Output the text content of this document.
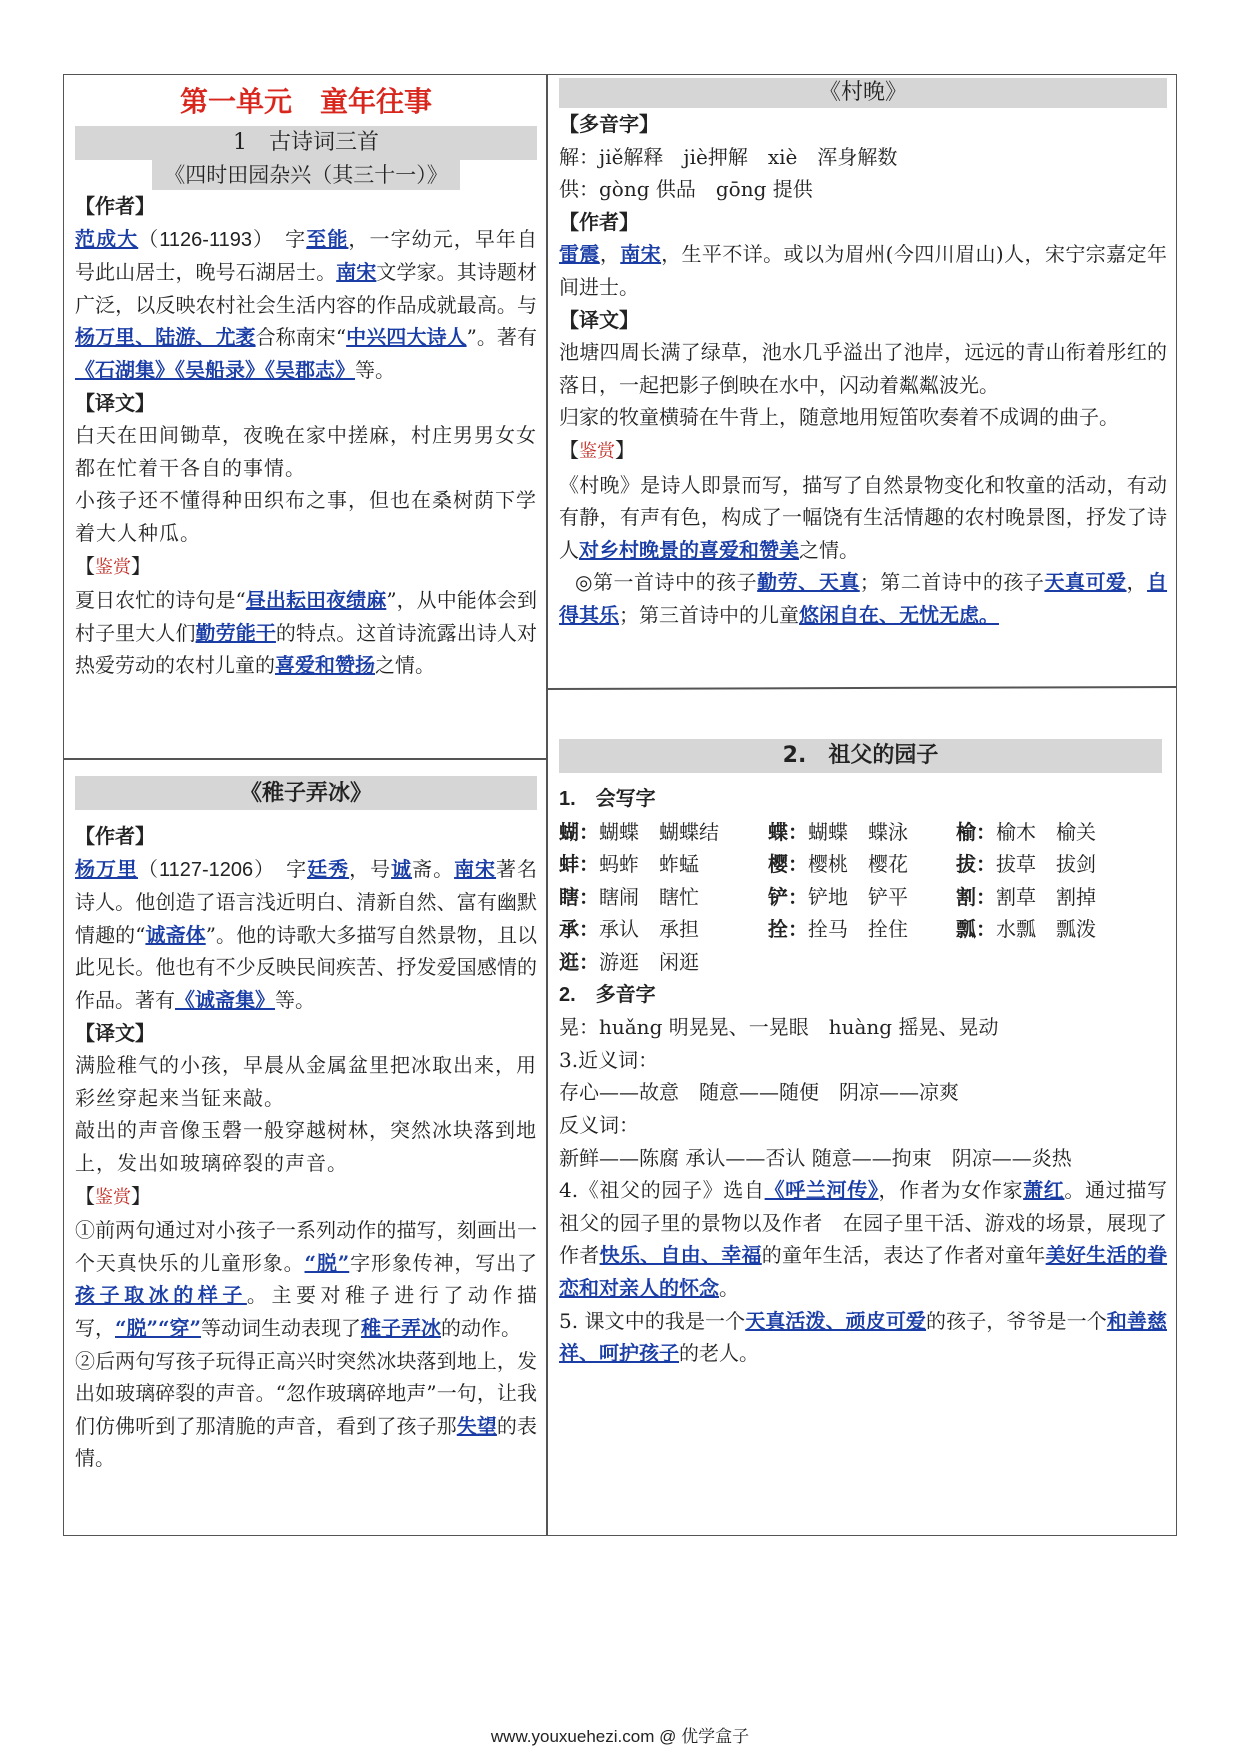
第一单元　童年往事
1　古诗词三首
《四时田园杂兴（其三十一）》

【作者】

范成大（1126-1193）　字至能，一字幼元，早年自号此山居士，晚号石湖居士。南宋文学家。其诗题材广泛，以反映农村社会生活内容的作品成就最高。与杨万里、陆游、尤袤合称南宋“中兴四大诗人”。著有《石湖集》《吴船录》《吴郡志》等。

【译文】

白天在田间锄草，夜晚在家中搓麻，村庄男男女女都在忙着干各自的事情。

小孩子还不懂得种田织布之事，但也在桑树荫下学着大人种瓜。

【鉴赏】

夏日农忙的诗句是“昼出耘田夜绩麻”，从中能体会到村子里大人们勤劳能干的特点。这首诗流露出诗人对热爱劳动的农村儿童的喜爱和赞扬之情。

《稚子弄冰》

【作者】

杨万里（1127-1206）　字廷秀，号诚斋。南宋著名诗人。他创造了语言浅近明白、清新自然、富有幽默情趣的“诚斋体”。他的诗歌大多描写自然景物，且以此见长。他也有不少反映民间疾苦、抒发爱国感情的作品。著有《诚斋集》等。

【译文】

满脸稚气的小孩，早晨从金属盆里把冰取出来，用彩丝穿起来当钲来敲。

敲出的声音像玉磬一般穿越树林，突然冰块落到地上，发出如玻璃碎裂的声音。

【鉴赏】

①前两句通过对小孩子一系列动作的描写，刻画出一个天真快乐的儿童形象。“脱”字形象传神，写出了孩子取冰的样子。主要对稚子进行了动作描写，“脱”“穿”等动词生动表现了稚子弄冰的动作。

②后两句写孩子玩得正高兴时突然冰块落到地上，发出如玻璃碎裂的声音。“忽作玻璃碎地声”一句，让我们仿佛听到了那清脆的声音，看到了孩子那失望的表情。

《村晚》

【多音字】

解：jiě解释　jiè押解　xiè　浑身解数

供：gòng 供品　gōng 提供

【作者】

雷震，南宋，生平不详。或以为眉州(今四川眉山)人，宋宁宗嘉定年间进士。

【译文】

池塘四周长满了绿草，池水几乎溢出了池岸，远远的青山衔着彤红的落日，一起把影子倒映在水中，闪动着粼粼波光。

归家的牧童横骑在牛背上，随意地用短笛吹奏着不成调的曲子。

【鉴赏】

《村晚》是诗人即景而写，描写了自然景物变化和牧童的活动，有动有静，有声有色，构成了一幅饶有生活情趣的农村晚景图，抒发了诗人对乡村晚景的喜爱和赞美之情。

◎第一首诗中的孩子勤劳、天真；第二首诗中的孩子天真可爱，自得其乐；第三首诗中的儿童悠闲自在、无忧无虑。

2.　祖父的园子

1.　会写字

蝴：蝴蝶　蝴蝶结	蝶：蝴蝶　蝶泳	榆：榆木　榆关
蚌：蚂蚱　蚱蜢	樱：樱桃　樱花	拔：拔草　拔剑
瞎：瞎闹　瞎忙	铲：铲地　铲平	割：割草　割掉
承：承认　承担	拴：拴马　拴住	瓢：水瓢　瓢泼
逛：游逛　闲逛

2.　多音字

晃：huǎng 明晃晃、一晃眼　huàng 摇晃、晃动

3.近义词：

存心——故意　随意——随便　阴凉——凉爽

反义词：

新鲜——陈腐 承认——否认 随意——拘束　阴凉——炎热

4.《祖父的园子》选自《呼兰河传》，作者为女作家萧红。通过描写祖父的园子里的景物以及作者　在园子里干活、游戏的场景，展现了作者快乐、自由、幸福的童年生活，表达了作者对童年美好生活的眷恋和对亲人的怀念。

5. 课文中的我是一个天真活泼、顽皮可爱的孩子，爷爷是一个和善慈祥、呵护孩子的老人。

www.youxuehezi.com @ 优学盒子
